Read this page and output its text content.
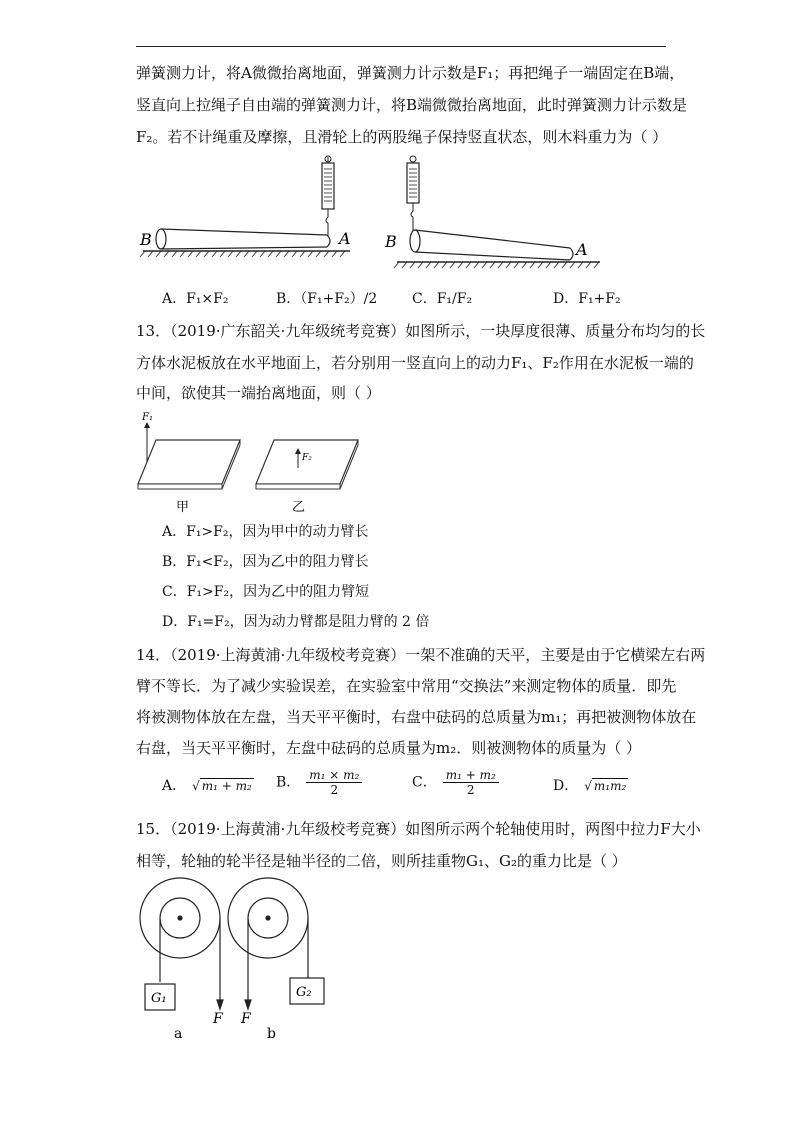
弹簧测力计，将A微微抬离地面，弹簧测力计示数是F₁；再把绳子一端固定在B端，
竖直向上拉绳子自由端的弹簧测力计，将B端微微抬离地面，此时弹簧测力计示数是
F₂。若不计绳重及摩擦，且滑轮上的两股绳子保持竖直状态，则木料重力为（ ）
B	A B	A
A．F₁×F₂	B．（F₁+F₂）/2 C．F₁/F₂	D．F₁+F₂
13．（2019·广东韶关·九年级统考竞赛）如图所示，一块厚度很薄、质量分布均匀的长
方体水泥板放在水平地面上，若分别用一竖直向上的动力F₁、F₂作用在水泥板一端的
中间，欲使其一端抬离地面，则（ ）
F₁
甲
F₂
乙
A．F₁>F₂，因为甲中的动力臂长
B．F₁<F₂，因为乙中的阻力臂长
C．F₁>F₂，因为乙中的阻力臂短
D．F₁=F₂，因为动力臂都是阻力臂的 2 倍
14．（2019·上海黄浦·九年级校考竞赛）一架不准确的天平，主要是由于它横梁左右两
臂不等长．为了减少实验误差，在实验室中常用“交换法”来测定物体的质量．即先
将被测物体放在左盘，当天平平衡时，右盘中砝码的总质量为m₁；再把被测物体放在
右盘，当天平平衡时，左盘中砝码的总质量为m₂．则被测物体的质量为（ ）
A． √ m₁ + m₂ B． $\frac{\text{m₁ × m₂}}{2}$	C． $\frac{\text{m₁ + m₂}}{2}$	D． √ m₁m₂
15．（2019·上海黄浦·九年级校考竞赛）如图所示两个轮轴使用时，两图中拉力F大小
相等，轮轴的轮半径是轴半径的二倍，则所挂重物G₁、G₂的重力比是（ ）
G₁
F
a
G₂
F
b
